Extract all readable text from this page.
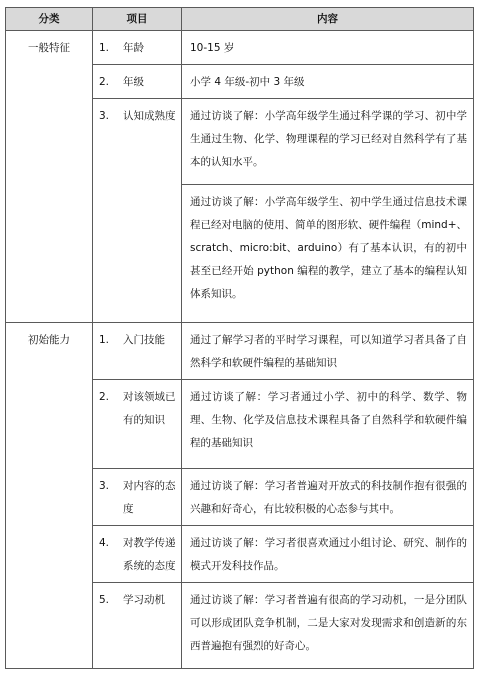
分类	项目	内容
一般特征	1. 年龄	10-15 岁

	2. 年级	小学 4 年级-初中 3 年级

	3. 认知成熟度	通过访谈了解：小学高年级学生通过科学课的学习、初中学生通过生物、化学、物理课程的学习已经对自然科学有了基本的认知水平。
		通过访谈了解：小学高年级学生、初中学生通过信息技术课程已经对电脑的使用、简单的图形软、硬件编程（mind+、scratch、micro:bit、arduino）有了基本认识，有的初中甚至已经开始 python 编程的教学，建立了基本的编程认知体系知识。
初始能力	1. 入门技能	通过了解学习者的平时学习课程，可以知道学习者具备了自然科学和软硬件编程的基础知识

	2. 对该领域已有的知识	通过访谈了解：学习者通过小学、初中的科学、数学、物理、生物、化学及信息技术课程具备了自然科学和软硬件编程的基础知识

	3. 对内容的态度	通过访谈了解：学习者普遍对开放式的科技制作抱有很强的兴趣和好奇心，有比较积极的心态参与其中。

	4. 对教学传递系统的态度	通过访谈了解：学习者很喜欢通过小组讨论、研究、制作的模式开发科技作品。

	5. 学习动机	通过访谈了解：学习者普遍有很高的学习动机，一是分团队可以形成团队竞争机制，二是大家对发现需求和创造新的东西普遍抱有强烈的好奇心。
